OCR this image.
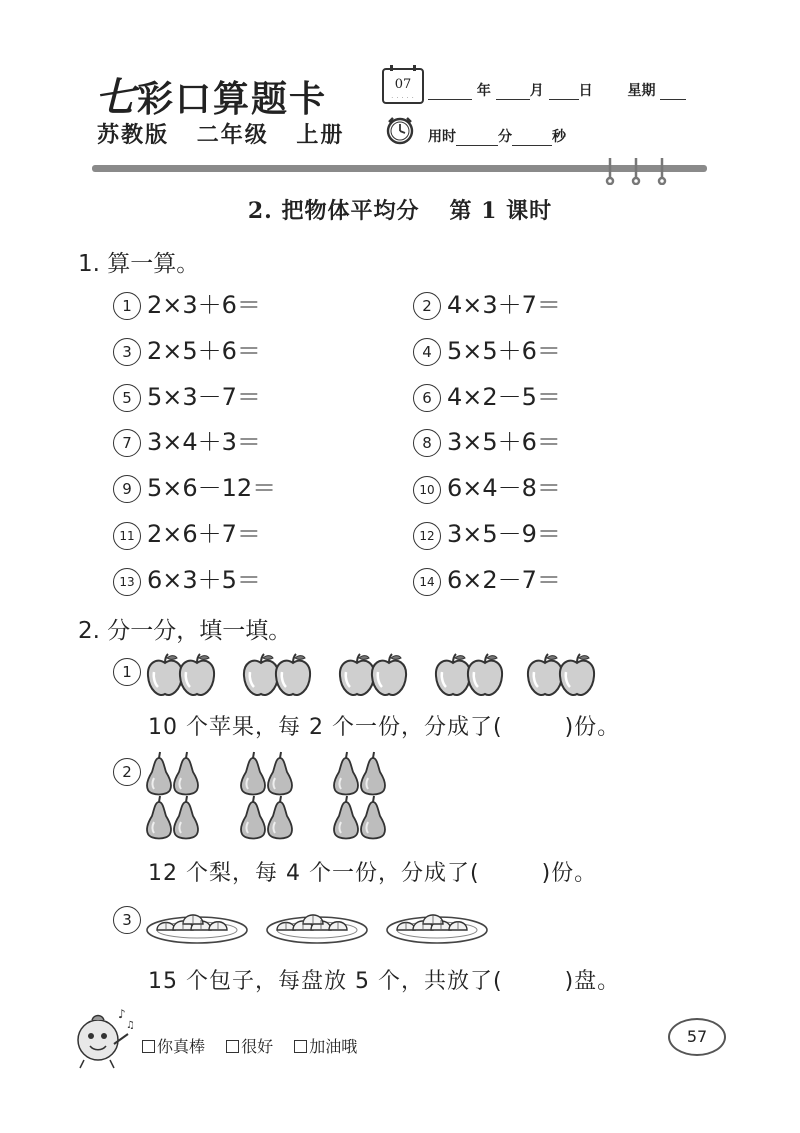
七彩口算题卡
苏教版 二年级 上册
07
· · · · ·	年	月 日 星期
用时	分	秒
2. 把物体平均分 第 1 课时
1. 算一算。
1 2×3＋6＝	2 4×3＋7＝
3 2×5＋6＝	4 5×5＋6＝
5 5×3－7＝	6 4×2－5＝
7 3×4＋3＝	8 3×5＋6＝
9 5×6－12＝	10 6×4－8＝
11 2×6＋7＝	12 3×5－9＝
13 6×3＋5＝	14 6×2－7＝
2. 分一分，填一填。
1
10 个苹果，每 2 个一份，分成了(	)份。
2
12 个梨，每 4 个一份，分成了(	)份。
3
15 个包子，每盘放 5 个，共放了(	)盘。
♪
♫
你真棒 很好 加油哦
57
